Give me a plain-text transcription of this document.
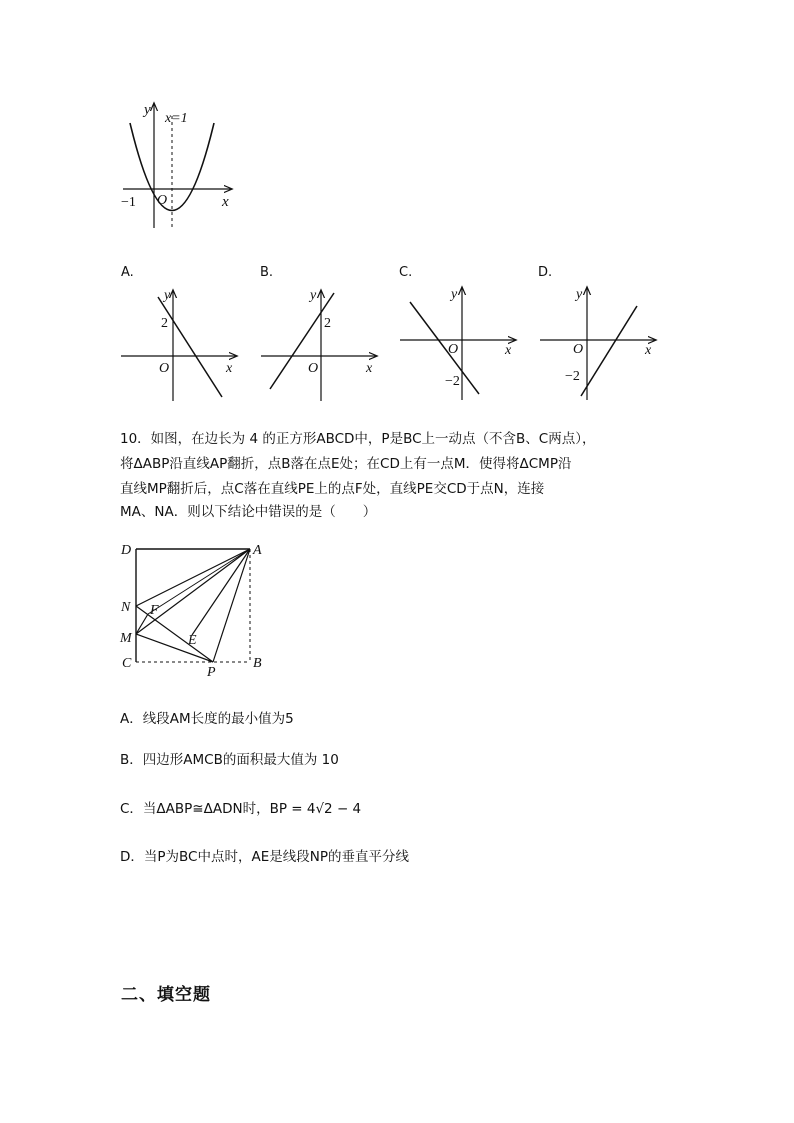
y
x=1
O
−1	x
A.
y
2
O	x
B.
y
2
O	x
C.
y
O
−2
x
D.
y
O
−2
x
10．如图，在边长为 4 的正方形ABCD中，P是BC上一动点（不含B、C两点），
将ΔABP沿直线AP翻折，点B落在点E处；在CD上有一点M．使得将ΔCMP沿
直线MP翻折后，点C落在直线PE上的点F处，直线PE交CD于点N，连接
MA、NA．则以下结论中错误的是（　　）
D	A
N F
M	E
C
P
B
A．线段AM长度的最小值为5
B．四边形AMCB的面积最大值为 10
C．当ΔABP≅ΔADN时，BP = 4√2 − 4
D．当P为BC中点时，AE是线段NP的垂直平分线
二、填空题
